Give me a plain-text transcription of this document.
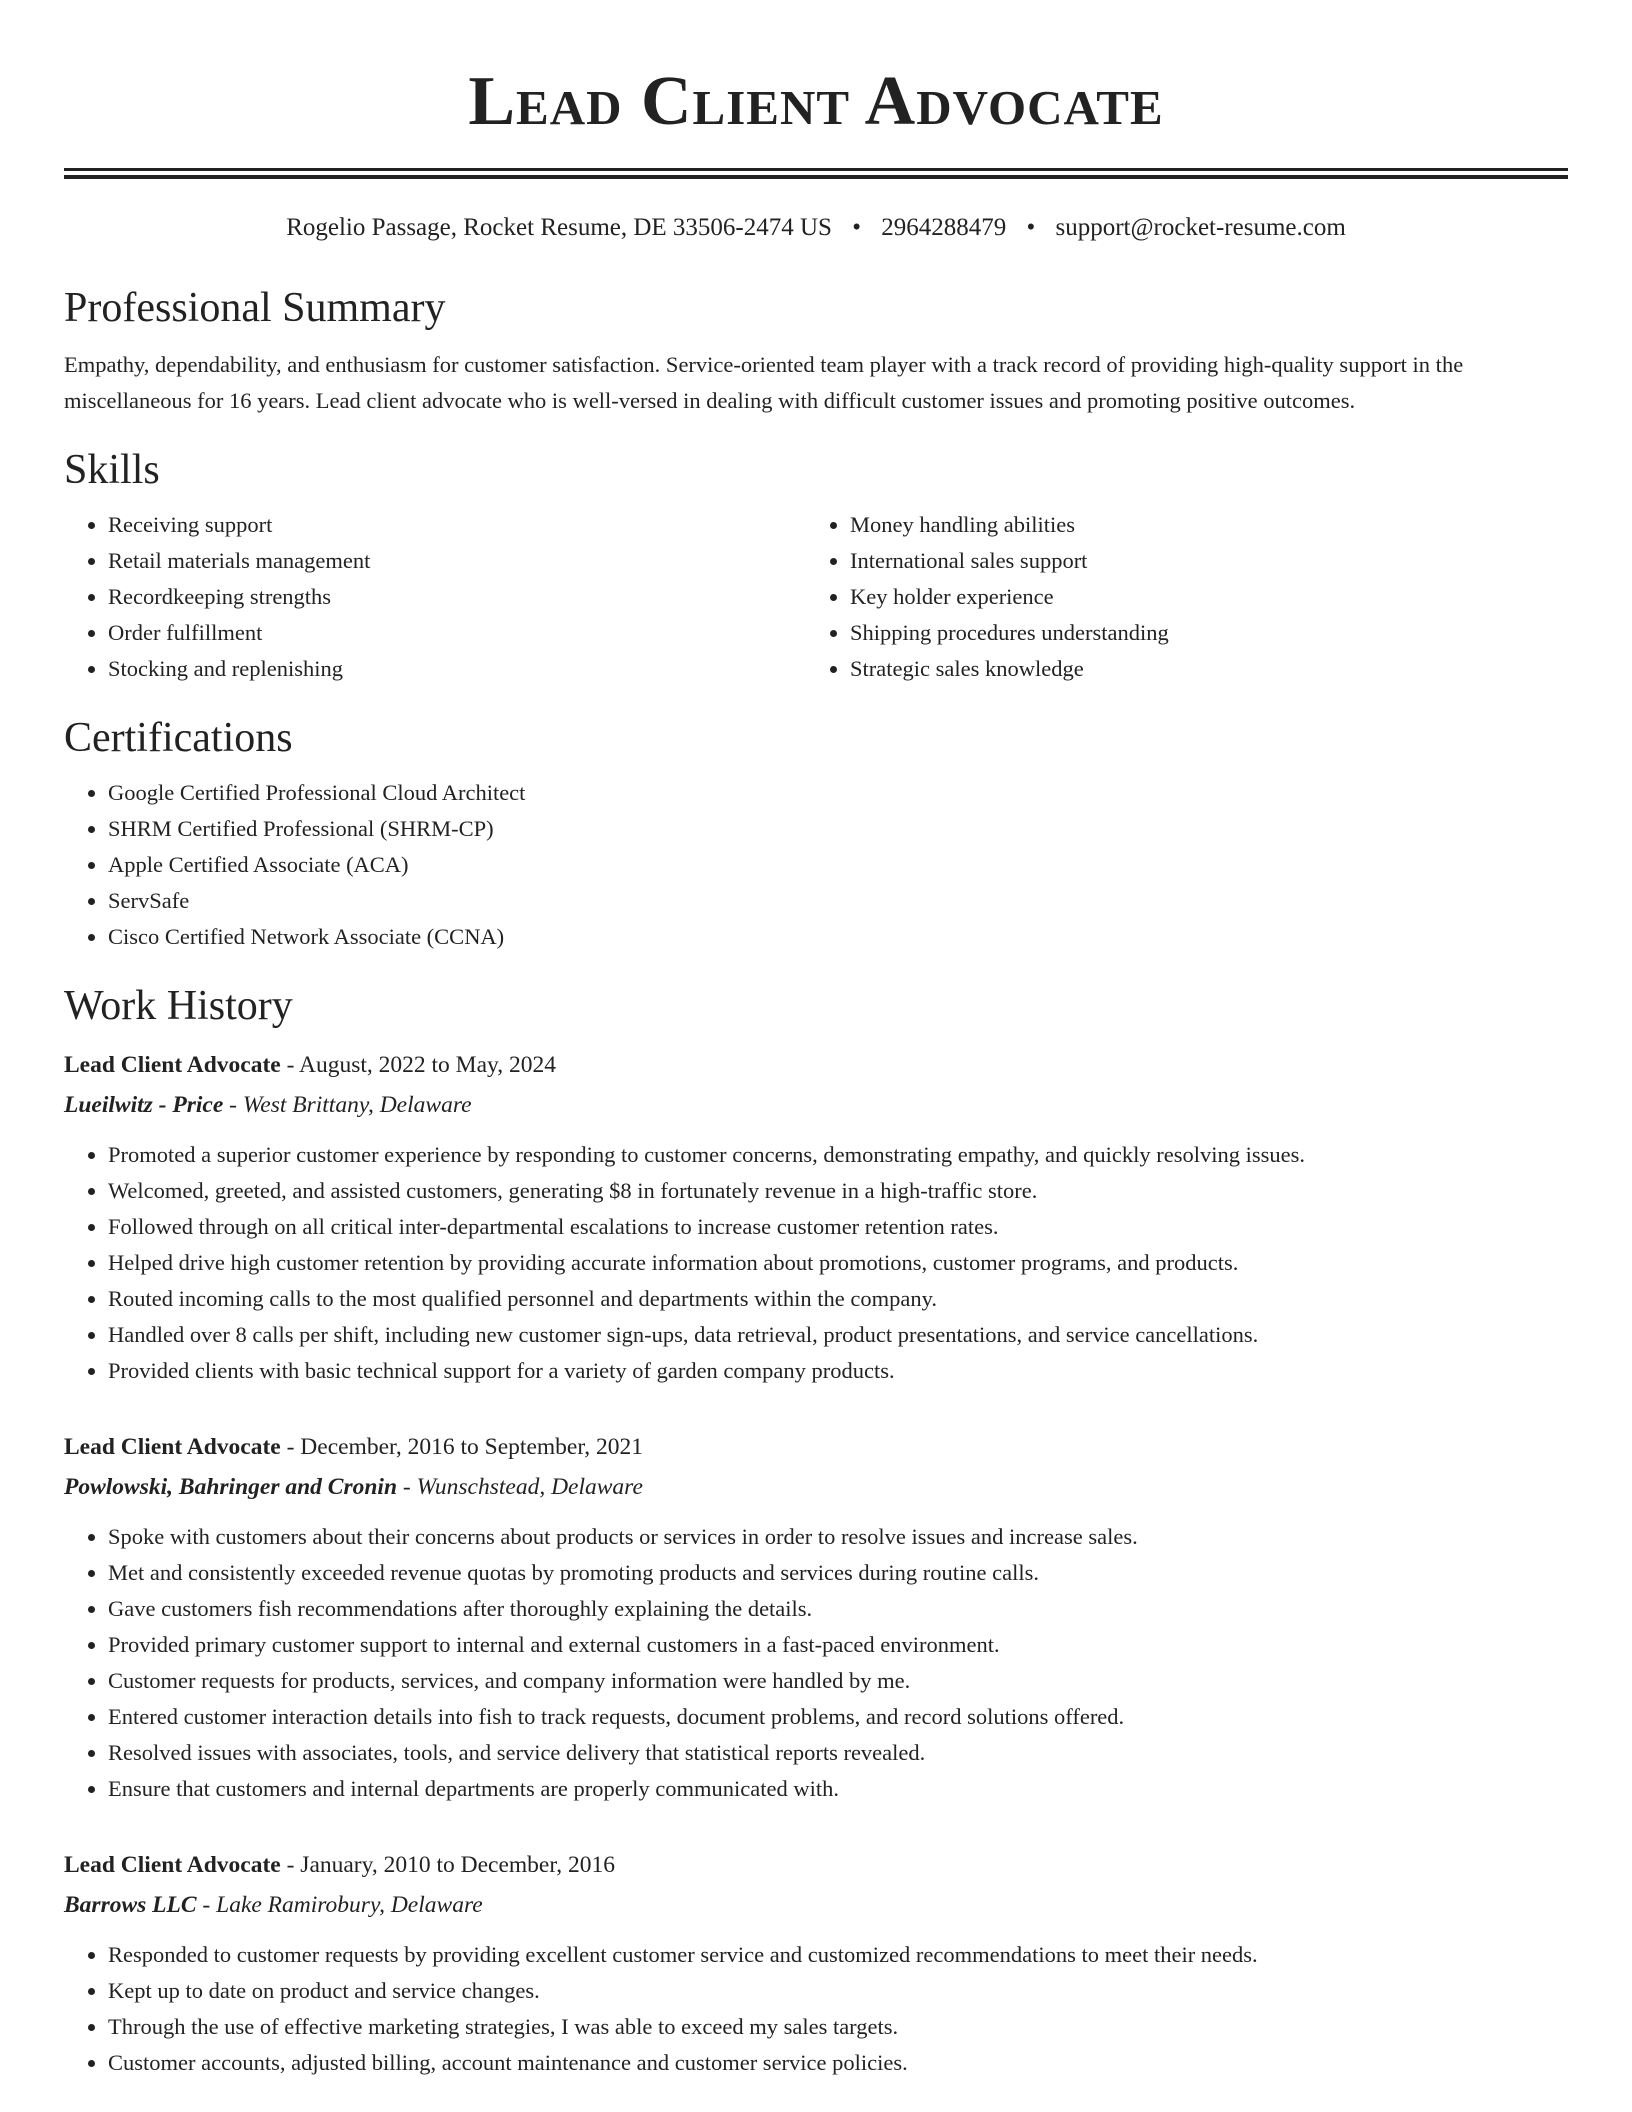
Lead Client Advocate
Rogelio Passage, Rocket Resume, DE 33506-2474 US • 2964288479 • support@rocket-resume.com
Professional Summary

Empathy, dependability, and enthusiasm for customer satisfaction. Service-oriented team player with a track record of providing high-quality support in the miscellaneous for 16 years. Lead client advocate who is well-versed in dealing with difficult customer issues and promoting positive outcomes.

Skills
• Receiving support
• Retail materials management
• Recordkeeping strengths
• Order fulfillment
• Stocking and replenishing
• Money handling abilities
• International sales support
• Key holder experience
• Shipping procedures understanding
• Strategic sales knowledge
Certifications
• Google Certified Professional Cloud Architect
• SHRM Certified Professional (SHRM-CP)
• Apple Certified Associate (ACA)
• ServSafe
• Cisco Certified Network Associate (CCNA)
Work History
Lead Client Advocate - August, 2022 to May, 2024
Lueilwitz - Price - West Brittany, Delaware
• Promoted a superior customer experience by responding to customer concerns, demonstrating empathy, and quickly resolving issues.
• Welcomed, greeted, and assisted customers, generating $8 in fortunately revenue in a high-traffic store.
• Followed through on all critical inter-departmental escalations to increase customer retention rates.
• Helped drive high customer retention by providing accurate information about promotions, customer programs, and products.
• Routed incoming calls to the most qualified personnel and departments within the company.
• Handled over 8 calls per shift, including new customer sign-ups, data retrieval, product presentations, and service cancellations.
• Provided clients with basic technical support for a variety of garden company products.
Lead Client Advocate - December, 2016 to September, 2021
Powlowski, Bahringer and Cronin - Wunschstead, Delaware
• Spoke with customers about their concerns about products or services in order to resolve issues and increase sales.
• Met and consistently exceeded revenue quotas by promoting products and services during routine calls.
• Gave customers fish recommendations after thoroughly explaining the details.
• Provided primary customer support to internal and external customers in a fast-paced environment.
• Customer requests for products, services, and company information were handled by me.
• Entered customer interaction details into fish to track requests, document problems, and record solutions offered.
• Resolved issues with associates, tools, and service delivery that statistical reports revealed.
• Ensure that customers and internal departments are properly communicated with.
Lead Client Advocate - January, 2010 to December, 2016
Barrows LLC - Lake Ramirobury, Delaware
• Responded to customer requests by providing excellent customer service and customized recommendations to meet their needs.
• Kept up to date on product and service changes.
• Through the use of effective marketing strategies, I was able to exceed my sales targets.
• Customer accounts, adjusted billing, account maintenance and customer service policies.
